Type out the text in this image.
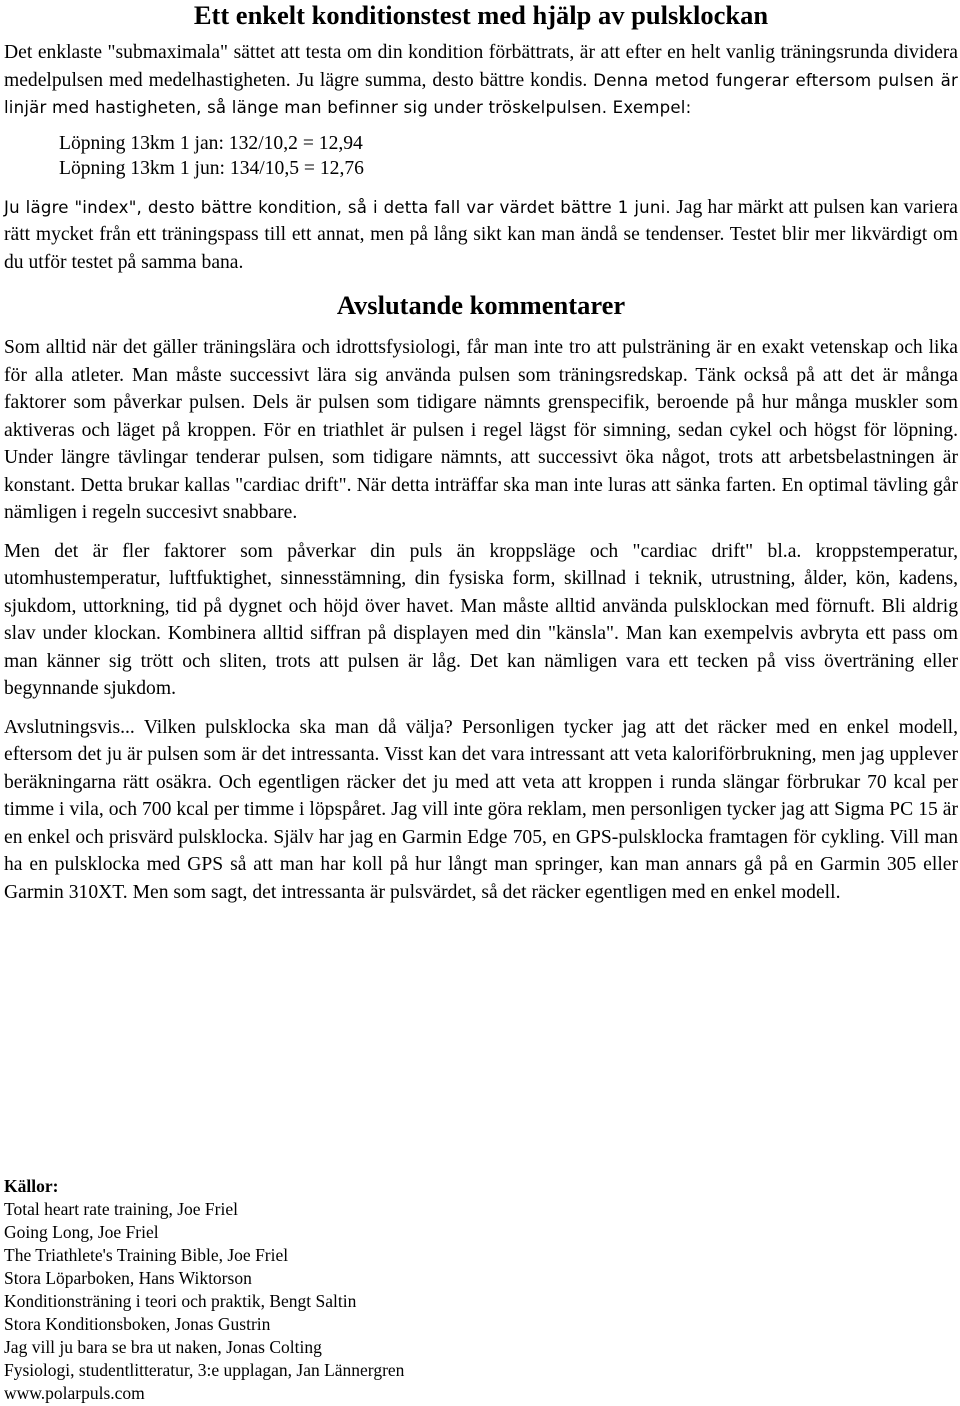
Ett enkelt konditionstest med hjälp av pulsklockan

Det enklaste "submaximala" sättet att testa om din kondition förbättrats, är att efter en helt vanlig träningsrunda dividera medelpulsen med medelhastigheten. Ju lägre summa, desto bättre kondis. Denna metod fungerar eftersom pulsen är linjär med hastigheten, så länge man befinner sig under tröskelpulsen. Exempel:

Löpning 13km 1 jan: 132/10,2 = 12,94
Löpning 13km 1 jun: 134/10,5 = 12,76

Ju lägre "index", desto bättre kondition, så i detta fall var värdet bättre 1 juni. Jag har märkt att pulsen kan variera rätt mycket från ett träningspass till ett annat, men på lång sikt kan man ändå se tendenser. Testet blir mer likvärdigt om du utför testet på samma bana.

Avslutande kommentarer

Som alltid när det gäller träningslära och idrottsfysiologi, får man inte tro att pulsträning är en exakt vetenskap och lika för alla atleter. Man måste successivt lära sig använda pulsen som träningsredskap. Tänk också på att det är många faktorer som påverkar pulsen. Dels är pulsen som tidigare nämnts grenspecifik, beroende på hur många muskler som aktiveras och läget på kroppen. För en triathlet är pulsen i regel lägst för simning, sedan cykel och högst för löpning. Under längre tävlingar tenderar pulsen, som tidigare nämnts, att successivt öka något, trots att arbetsbelastningen är konstant. Detta brukar kallas "cardiac drift". När detta inträffar ska man inte luras att sänka farten. En optimal tävling går nämligen i regeln succesivt snabbare.

Men det är fler faktorer som påverkar din puls än kroppsläge och "cardiac drift" bl.a. kroppstemperatur, utomhustemperatur, luftfuktighet, sinnesstämning, din fysiska form, skillnad i teknik, utrustning, ålder, kön, kadens, sjukdom, uttorkning, tid på dygnet och höjd över havet. Man måste alltid använda pulsklockan med förnuft. Bli aldrig slav under klockan. Kombinera alltid siffran på displayen med din "känsla". Man kan exempelvis avbryta ett pass om man känner sig trött och sliten, trots att pulsen är låg. Det kan nämligen vara ett tecken på viss överträning eller begynnande sjukdom.

Avslutningsvis... Vilken pulsklocka ska man då välja? Personligen tycker jag att det räcker med en enkel modell, eftersom det ju är pulsen som är det intressanta. Visst kan det vara intressant att veta kaloriförbrukning, men jag upplever beräkningarna rätt osäkra. Och egentligen räcker det ju med att veta att kroppen i runda slängar förbrukar 70 kcal per timme i vila, och 700 kcal per timme i löpspåret. Jag vill inte göra reklam, men personligen tycker jag att Sigma PC 15 är en enkel och prisvärd pulsklocka. Själv har jag en Garmin Edge 705, en GPS-pulsklocka framtagen för cykling. Vill man ha en pulsklocka med GPS så att man har koll på hur långt man springer, kan man annars gå på en Garmin 305 eller Garmin 310XT. Men som sagt, det intressanta är pulsvärdet, så det räcker egentligen med en enkel modell.

Källor:
Total heart rate training, Joe Friel
Going Long, Joe Friel
The Triathlete's Training Bible, Joe Friel
Stora Löparboken, Hans Wiktorson
Konditionsträning i teori och praktik, Bengt Saltin
Stora Konditionsboken, Jonas Gustrin
Jag vill ju bara se bra ut naken, Jonas Colting
Fysiologi, studentlitteratur, 3:e upplagan, Jan Lännergren
www.polarpuls.com
